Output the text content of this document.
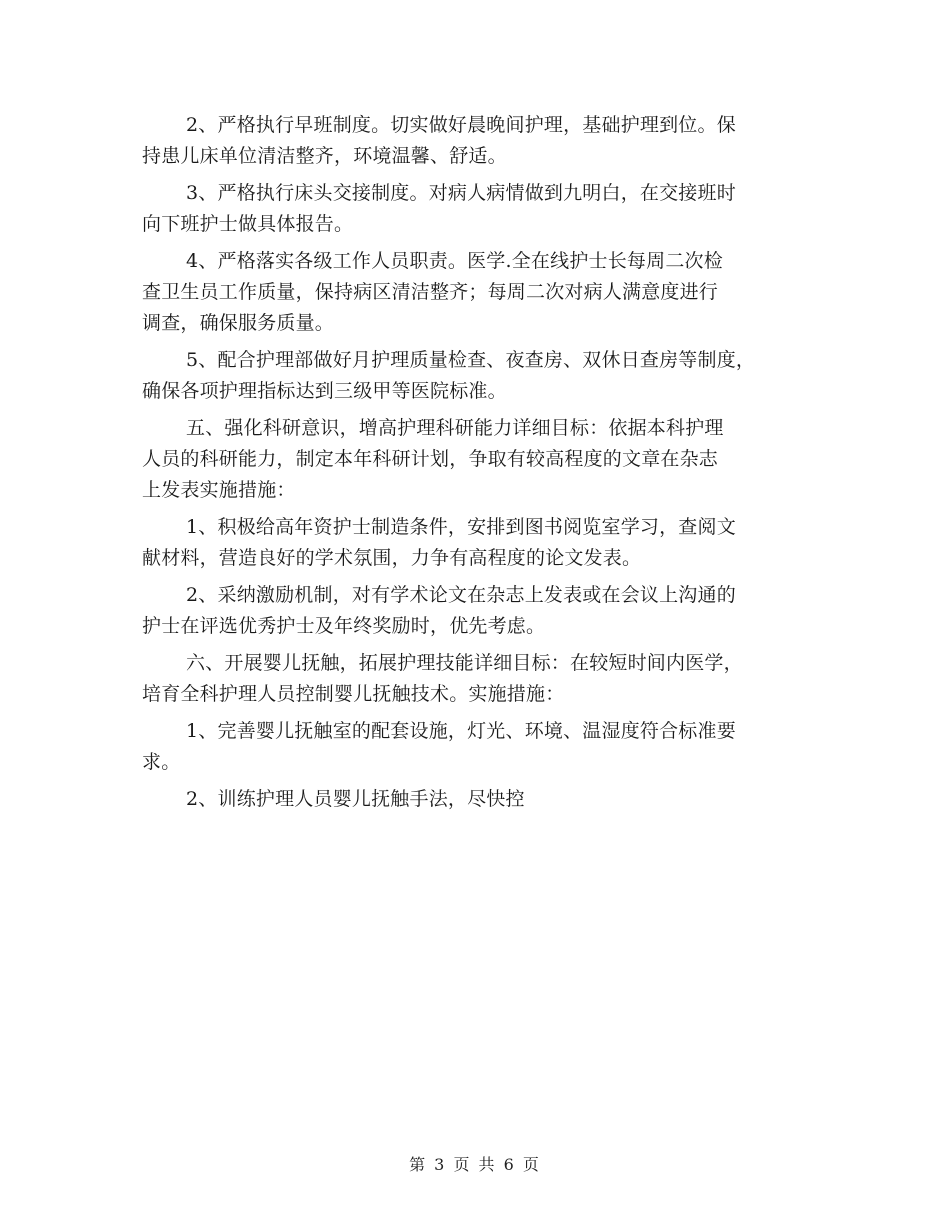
2、严格执行早班制度。切实做好晨晚间护理，基础护理到位。保
持患儿床单位清洁整齐，环境温馨、舒适。
3、严格执行床头交接制度。对病人病情做到九明白，在交接班时
向下班护士做具体报告。
4、严格落实各级工作人员职责。医学.全在线护士长每周二次检
查卫生员工作质量，保持病区清洁整齐；每周二次对病人满意度进行
调查，确保服务质量。
5、配合护理部做好月护理质量检查、夜查房、双休日查房等制度，
确保各项护理指标达到三级甲等医院标准。
五、强化科研意识，增高护理科研能力详细目标：依据本科护理
人员的科研能力，制定本年科研计划，争取有较高程度的文章在杂志
上发表实施措施：
1、积极给高年资护士制造条件，安排到图书阅览室学习，查阅文
献材料，营造良好的学术氛围，力争有高程度的论文发表。
2、采纳激励机制，对有学术论文在杂志上发表或在会议上沟通的
护士在评选优秀护士及年终奖励时，优先考虑。
六、开展婴儿抚触，拓展护理技能详细目标：在较短时间内医学，
培育全科护理人员控制婴儿抚触技术。实施措施：
1、完善婴儿抚触室的配套设施，灯光、环境、温湿度符合标准要
求。
2、训练护理人员婴儿抚触手法，尽快控
第 3 页 共 6 页
